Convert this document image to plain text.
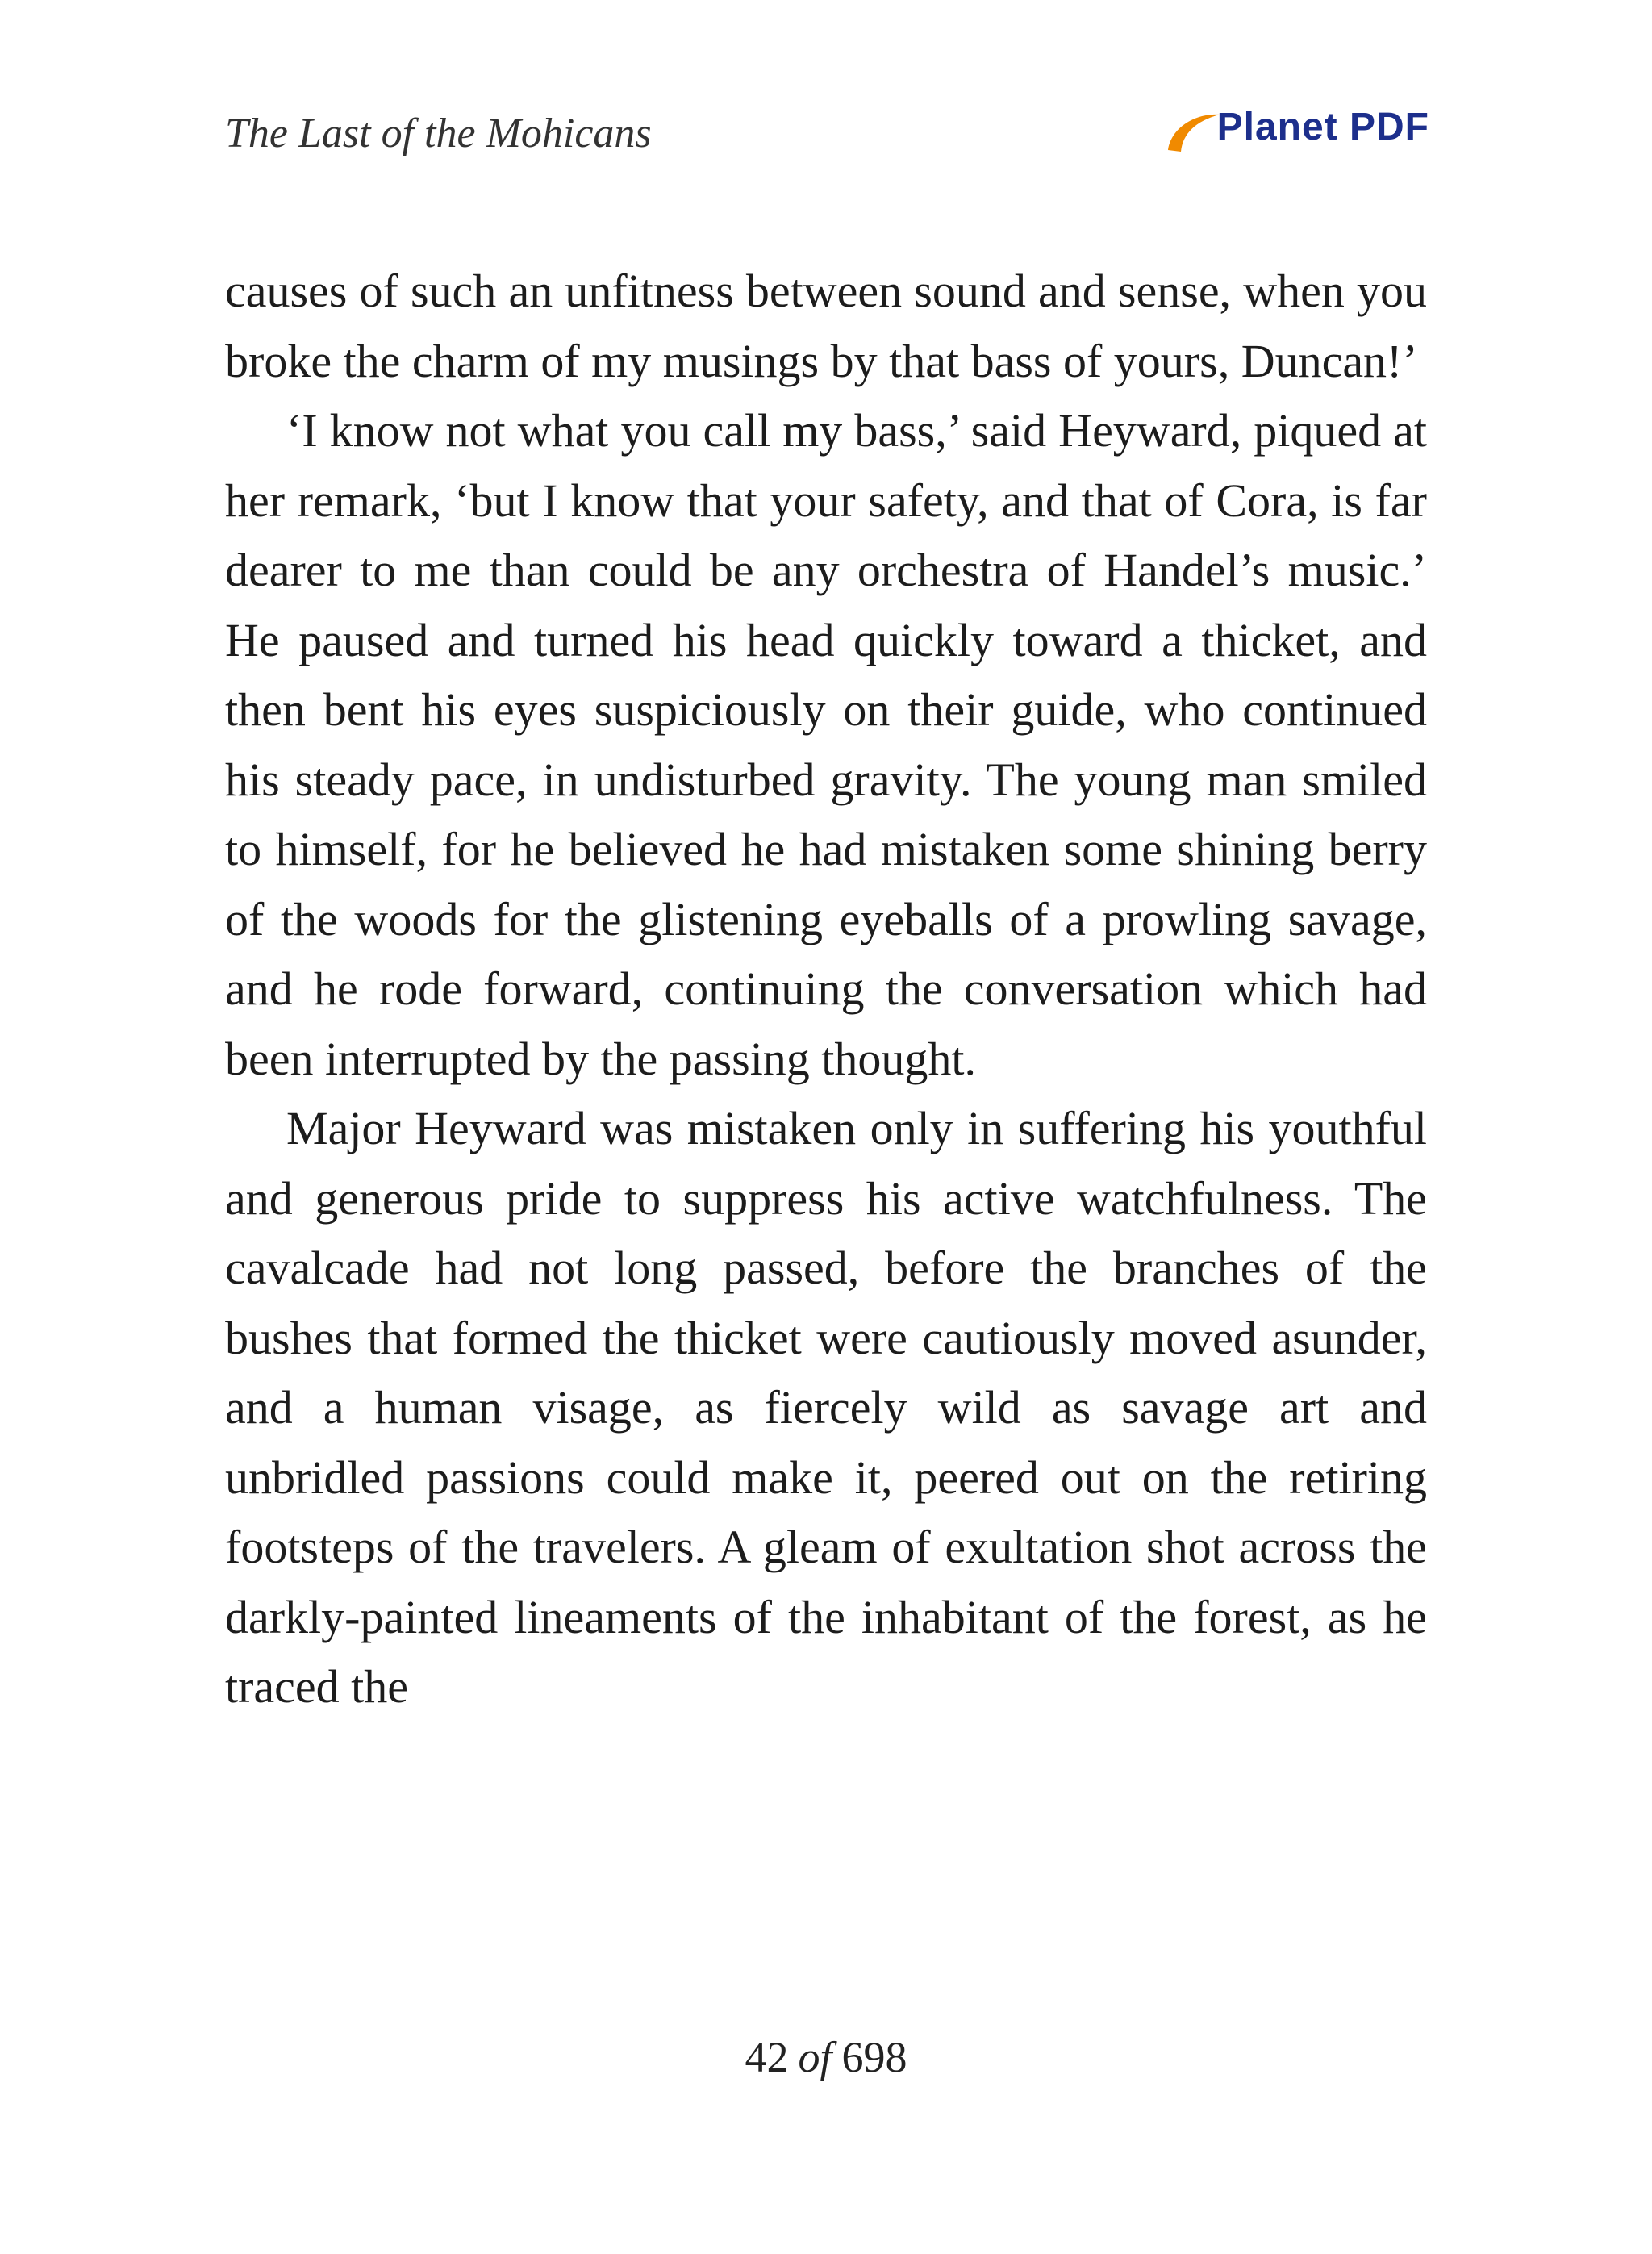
The Last of the Mohicans	Planet PDF

causes of such an unfitness between sound and sense, when you broke the charm of my musings by that bass of yours, Duncan!’

‘I know not what you call my bass,’ said Heyward, piqued at her remark, ‘but I know that your safety, and that of Cora, is far dearer to me than could be any orchestra of Handel’s music.’ He paused and turned his head quickly toward a thicket, and then bent his eyes suspiciously on their guide, who continued his steady pace, in undisturbed gravity. The young man smiled to himself, for he believed he had mistaken some shining berry of the woods for the glistening eyeballs of a prowling savage, and he rode forward, continuing the conversation which had been interrupted by the passing thought.

Major Heyward was mistaken only in suffering his youthful and generous pride to suppress his active watchfulness. The cavalcade had not long passed, before the branches of the bushes that formed the thicket were cautiously moved asunder, and a human visage, as fiercely wild as savage art and unbridled passions could make it, peered out on the retiring footsteps of the travelers. A gleam of exultation shot across the darkly-painted lineaments of the inhabitant of the forest, as he traced the

42 of 698
